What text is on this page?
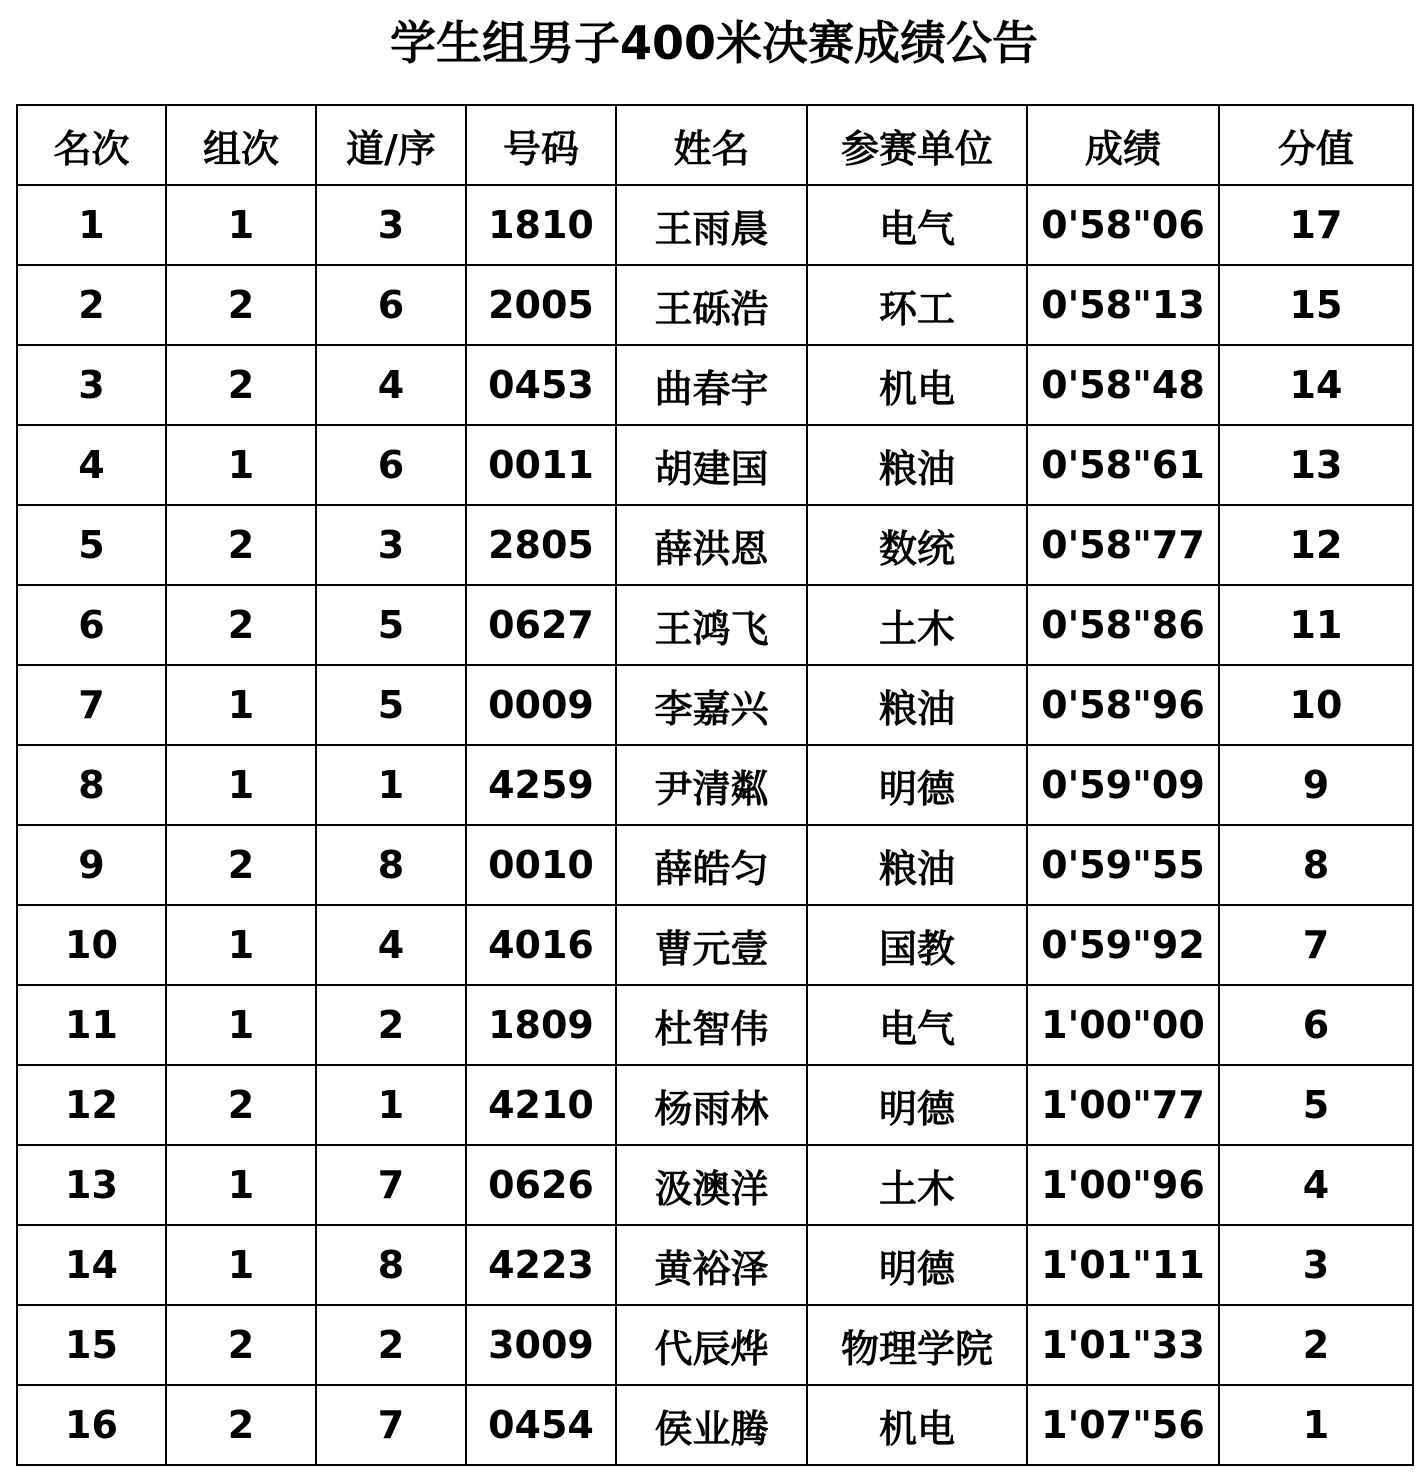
学生组男子400米决赛成绩公告
名次	组次	道/序	号码	姓名	参赛单位	成绩	分值
1	1	3	1810	王雨晨	电气	0'58"06	17
2	2	6	2005	王砾浩	环工	0'58"13	15
3	2	4	0453	曲春宇	机电	0'58"48	14
4	1	6	0011	胡建国	粮油	0'58"61	13
5	2	3	2805	薛洪恩	数统	0'58"77	12
6	2	5	0627	王鸿飞	土木	0'58"86	11
7	1	5	0009	李嘉兴	粮油	0'58"96	10
8	1	1	4259	尹清粼	明德	0'59"09	9
9	2	8	0010	薛皓匀	粮油	0'59"55	8
10	1	4	4016	曹元壹	国教	0'59"92	7
11	1	2	1809	杜智伟	电气	1'00"00	6
12	2	1	4210	杨雨林	明德	1'00"77	5
13	1	7	0626	汲澳洋	土木	1'00"96	4
14	1	8	4223	黄裕泽	明德	1'01"11	3
15	2	2	3009	代辰烨	物理学院	1'01"33	2
16	2	7	0454	侯业腾	机电	1'07"56	1
